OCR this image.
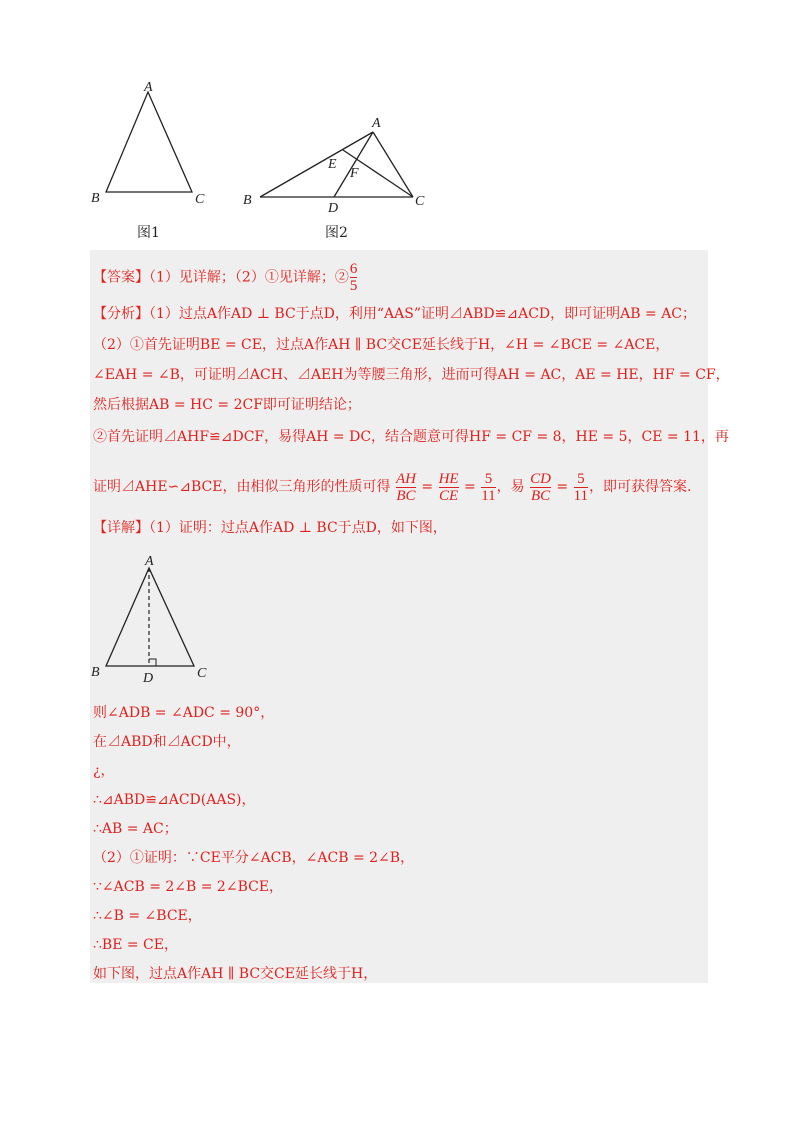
A
B	C
图1
A
B	C
D
E
F
图2
【答案】（1）见详解；（2）①见详解；② $\frac{6}{5}$
【分析】（1）过点A作AD ⊥ BC于点D，利用“AAS”证明⊿ABD≌⊿ACD，即可证明AB = AC；
（2）①首先证明BE = CE，过点A作AH ∥ BC交CE延长线于H，∠H = ∠BCE = ∠ACE，
∠EAH = ∠B，可证明⊿ACH、⊿AEH为等腰三角形，进而可得AH = AC，AE = HE，HF = CF，
然后根据AB = HC = 2CF即可证明结论；
②首先证明⊿AHF≌⊿DCF，易得AH = DC，结合题意可得HF = CF = 8，HE = 5，CE = 11，再
证明⊿AHE∽⊿BCE，由相似三角形的性质可得 $\frac{AH}{BC} = \frac{HE}{CE} = \frac{5}{11}$ ，易 $\frac{CD}{BC} = \frac{5}{11}$ ，即可获得答案.
【详解】（1）证明：过点A作AD ⊥ BC于点D，如下图，
A
B	C
D
则∠ADB = ∠ADC = 90°，
在⊿ABD和⊿ACD中，
¿，
∴⊿ABD≌⊿ACD(AAS)，
∴AB = AC；
（2）①证明：∵CE平分∠ACB，∠ACB = 2∠B，
∵∠ACB = 2∠B = 2∠BCE，
∴∠B = ∠BCE，
∴BE = CE，
如下图，过点A作AH ∥ BC交CE延长线于H，
